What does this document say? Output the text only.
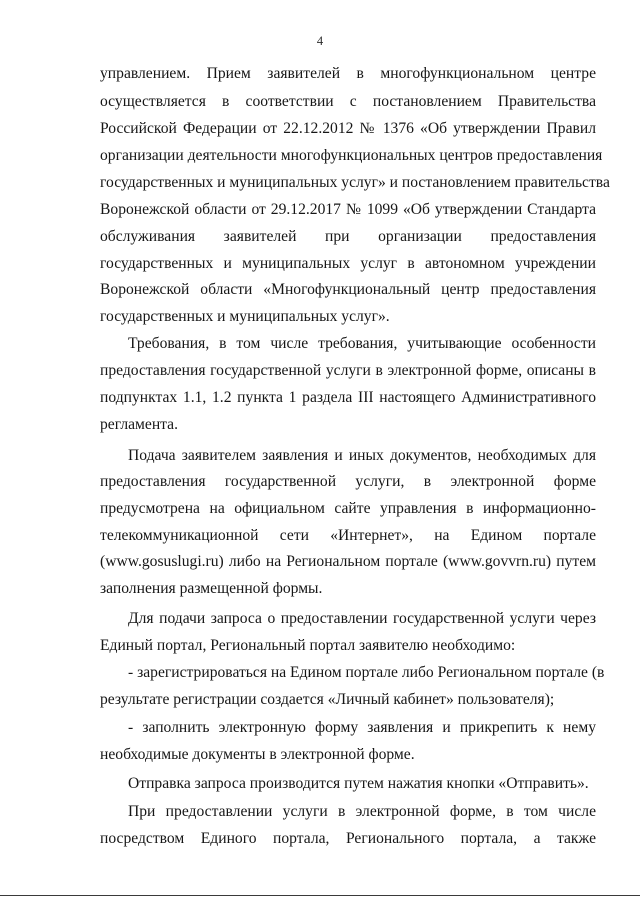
4
управлением. Прием заявителей в многофункциональном центре
осуществляется в соответствии с постановлением Правительства
Российской Федерации от 22.12.2012 № 1376 «Об утверждении Правил
организации деятельности многофункциональных центров предоставления
государственных и муниципальных услуг» и постановлением правительства
Воронежской области от 29.12.2017 № 1099 «Об утверждении Стандарта
обслуживания заявителей при организации предоставления
государственных и муниципальных услуг в автономном учреждении
Воронежской области «Многофункциональный центр предоставления
государственных и муниципальных услуг».
Требования, в том числе требования, учитывающие особенности
предоставления государственной услуги в электронной форме, описаны в
подпунктах 1.1, 1.2 пункта 1 раздела III настоящего Административного
регламента.
Подача заявителем заявления и иных документов, необходимых для
предоставления государственной услуги, в электронной форме
предусмотрена на официальном сайте управления в информационно-
телекоммуникационной сети «Интернет», на Едином портале
(www.gosuslugi.ru) либо на Региональном портале (www.govvrn.ru) путем
заполнения размещенной формы.
Для подачи запроса о предоставлении государственной услуги через
Единый портал, Региональный портал заявителю необходимо:
- зарегистрироваться на Едином портале либо Региональном портале (в
результате регистрации создается «Личный кабинет» пользователя);
- заполнить электронную форму заявления и прикрепить к нему
необходимые документы в электронной форме.
Отправка запроса производится путем нажатия кнопки «Отправить».
При предоставлении услуги в электронной форме, в том числе
посредством Единого портала, Регионального портала, а также
